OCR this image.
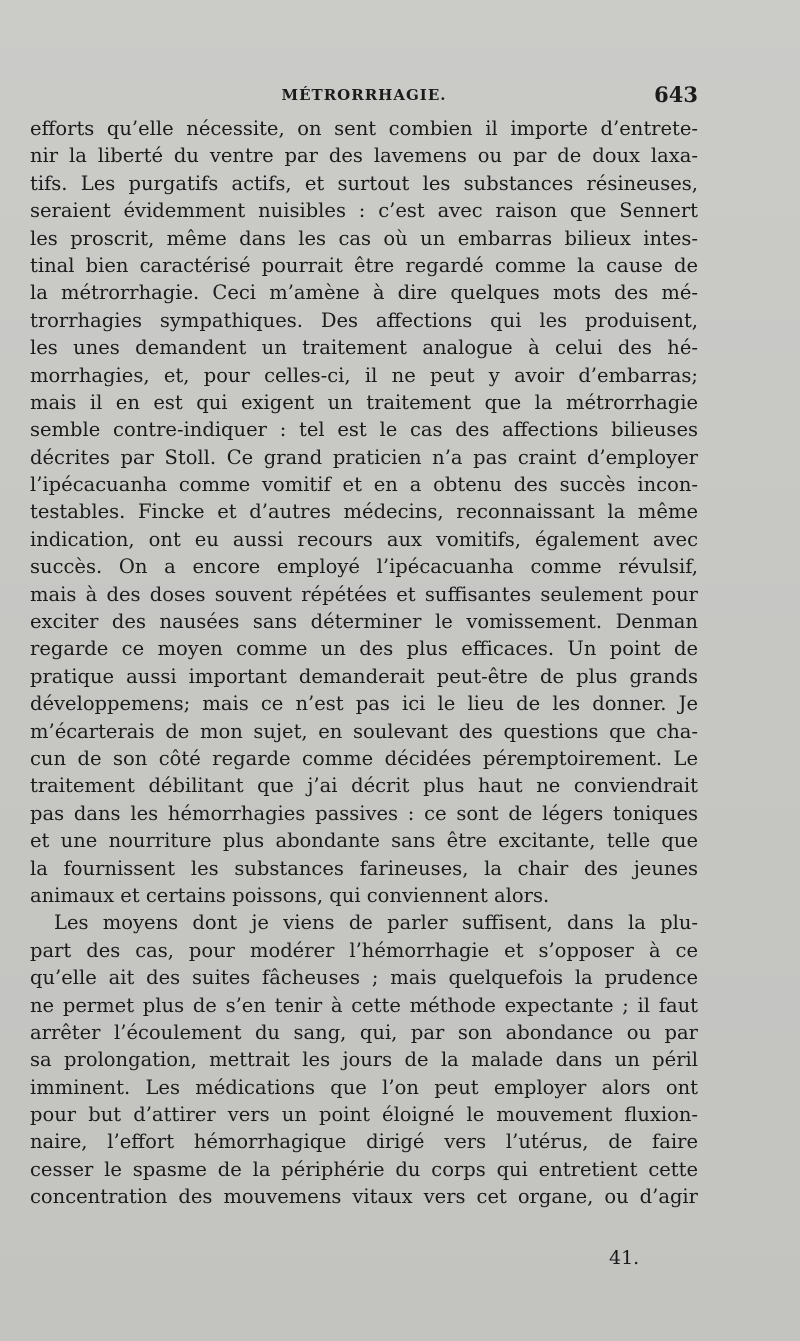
MÉTRORRHAGIE.	643
efforts qu’elle nécessite, on sent combien il importe d’entrete-
nir la liberté du ventre par des lavemens ou par de doux laxa-
tifs. Les purgatifs actifs, et surtout les substances résineuses,
seraient évidemment nuisibles : c’est avec raison que Sennert
les proscrit, même dans les cas où un embarras bilieux intes-
tinal bien caractérisé pourrait être regardé comme la cause de
la métrorrhagie. Ceci m’amène à dire quelques mots des mé-
trorrhagies sympathiques. Des affections qui les produisent,
les unes demandent un traitement analogue à celui des hé-
morrhagies, et, pour celles-ci, il ne peut y avoir d’embarras;
mais il en est qui exigent un traitement que la métrorrhagie
semble contre-indiquer : tel est le cas des affections bilieuses
décrites par Stoll. Ce grand praticien n’a pas craint d’employer
l’ipécacuanha comme vomitif et en a obtenu des succès incon-
testables. Fincke et d’autres médecins, reconnaissant la même
indication, ont eu aussi recours aux vomitifs, également avec
succès. On a encore employé l’ipécacuanha comme révulsif,
mais à des doses souvent répétées et suffisantes seulement pour
exciter des nausées sans déterminer le vomissement. Denman
regarde ce moyen comme un des plus efficaces. Un point de
pratique aussi important demanderait peut-être de plus grands
développemens; mais ce n’est pas ici le lieu de les donner. Je
m’écarterais de mon sujet, en soulevant des questions que cha-
cun de son côté regarde comme décidées péremptoirement. Le
traitement débilitant que j’ai décrit plus haut ne conviendrait
pas dans les hémorrhagies passives : ce sont de légers toniques
et une nourriture plus abondante sans être excitante, telle que
la fournissent les substances farineuses, la chair des jeunes
animaux et certains poissons, qui conviennent alors.
Les moyens dont je viens de parler suffisent, dans la plu-
part des cas, pour modérer l’hémorrhagie et s’opposer à ce
qu’elle ait des suites fâcheuses ; mais quelquefois la prudence
ne permet plus de s’en tenir à cette méthode expectante ; il faut
arrêter l’écoulement du sang, qui, par son abondance ou par
sa prolongation, mettrait les jours de la malade dans un péril
imminent. Les médications que l’on peut employer alors ont
pour but d’attirer vers un point éloigné le mouvement fluxion-
naire, l’effort hémorrhagique dirigé vers l’utérus, de faire
cesser le spasme de la périphérie du corps qui entretient cette
concentration des mouvemens vitaux vers cet organe, ou d’agir
41.
